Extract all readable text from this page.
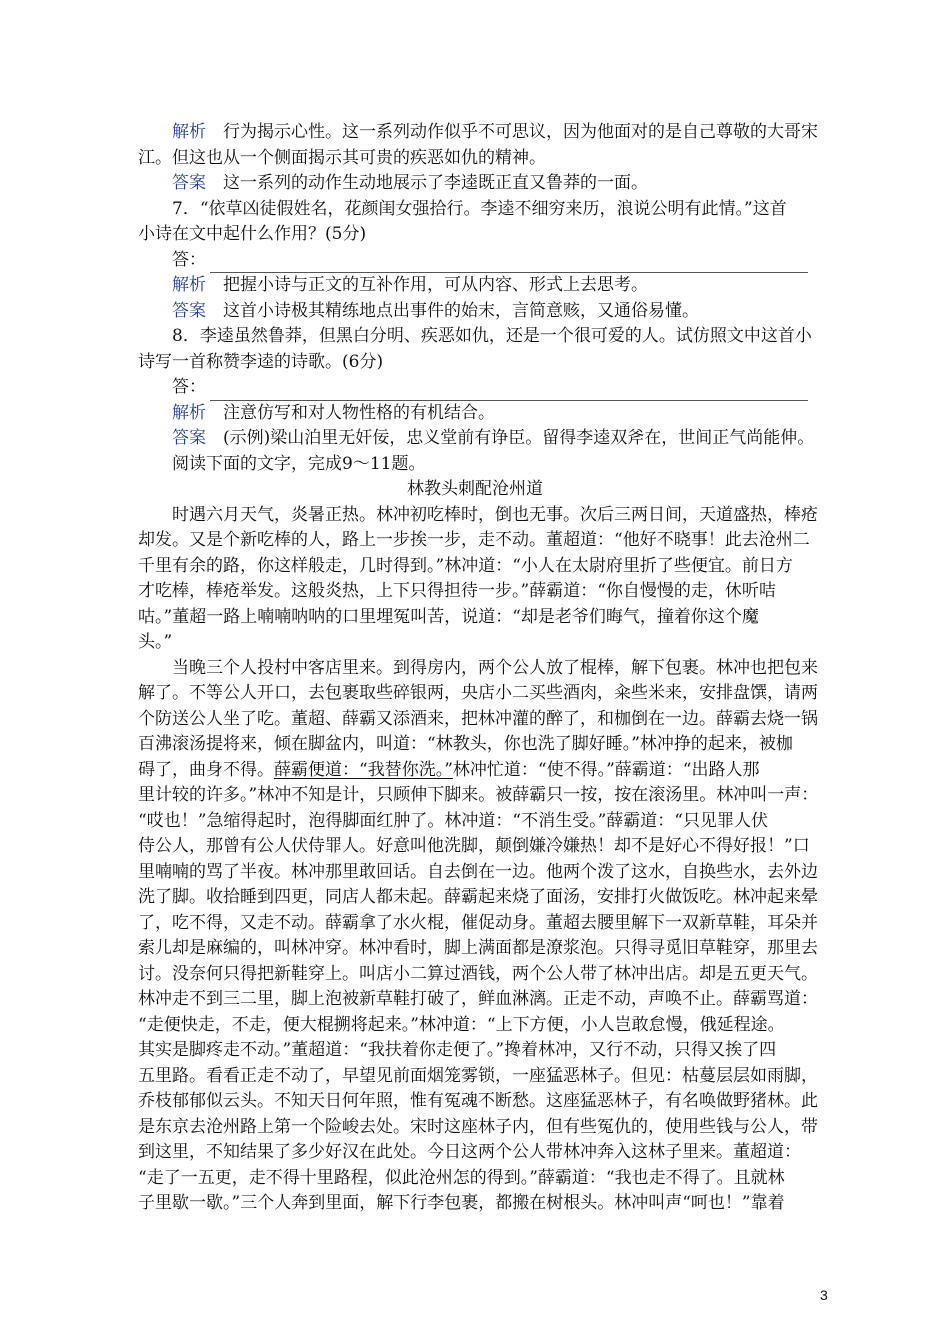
解析　 行为揭示心性。这一系列动作似乎不可思议，因为他面对的是自己尊敬的大哥宋
江。但这也从一个侧面揭示其可贵的疾恶如仇的精神。
答案　 这一系列的动作生动地展示了李逵既正直又鲁莽的一面。
7．“依草凶徒假姓名，花颜闺女强拾行。李逵不细穷来历，浪说公明有此情。”这首
小诗在文中起什么作用？(5分)
答：
解析　 把握小诗与正文的互补作用，可从内容、形式上去思考。
答案　 这首小诗极其精练地点出事件的始末，言简意赅，又通俗易懂。
8．李逵虽然鲁莽，但黑白分明、疾恶如仇，还是一个很可爱的人。试仿照文中这首小
诗写一首称赞李逵的诗歌。(6分)
答：
解析　 注意仿写和对人物性格的有机结合。
答案　 (示例)梁山泊里无奸佞，忠义堂前有诤臣。留得李逵双斧在，世间正气尚能伸。
阅读下面的文字，完成9～11题。
林教头刺配沧州道
时遇六月天气，炎暑正热。林冲初吃棒时，倒也无事。次后三两日间，天道盛热，棒疮
却发。又是个新吃棒的人，路上一步挨一步，走不动。董超道：“他好不晓事！此去沧州二
千里有余的路，你这样般走，几时得到。”林冲道：“小人在太尉府里折了些便宜。前日方
才吃棒，棒疮举发。这般炎热，上下只得担待一步。”薛霸道：“你自慢慢的走，休听咭
咕。”董超一路上喃喃呐呐的口里埋冤叫苦，说道：“却是老爷们晦气，撞着你这个魔
头。”
当晚三个人投村中客店里来。到得房内，两个公人放了棍棒，解下包裹。林冲也把包来
解了。不等公人开口，去包裹取些碎银两，央店小二买些酒肉，籴些米来，安排盘馔，请两
个防送公人坐了吃。董超、薛霸又添酒来，把林冲灌的醉了，和枷倒在一边。薛霸去烧一锅
百沸滚汤提将来，倾在脚盆内，叫道：“林教头，你也洗了脚好睡。”林冲挣的起来，被枷
碍了，曲身不得。薛霸便道：“我替你洗。”林冲忙道：“使不得。”薛霸道：“出路人那
里计较的许多。”林冲不知是计，只顾伸下脚来。被薛霸只一按，按在滚汤里。林冲叫一声：
“哎也！”急缩得起时，泡得脚面红肿了。林冲道：“不消生受。”薛霸道：“只见罪人伏
侍公人，那曾有公人伏侍罪人。好意叫他洗脚，颠倒嫌冷嫌热！却不是好心不得好报！”口
里喃喃的骂了半夜。林冲那里敢回话。自去倒在一边。他两个泼了这水，自换些水，去外边
洗了脚。收拾睡到四更，同店人都未起。薛霸起来烧了面汤，安排打火做饭吃。林冲起来晕
了，吃不得，又走不动。薛霸拿了水火棍，催促动身。董超去腰里解下一双新草鞋，耳朵并
索儿却是麻编的，叫林冲穿。林冲看时，脚上满面都是潦浆泡。只得寻觅旧草鞋穿，那里去
讨。没奈何只得把新鞋穿上。叫店小二算过酒钱，两个公人带了林冲出店。却是五更天气。
林冲走不到三二里，脚上泡被新草鞋打破了，鲜血淋漓。正走不动，声唤不止。薛霸骂道：
“走便快走，不走，便大棍搠将起来。”林冲道：“上下方便，小人岂敢怠慢，俄延程途。
其实是脚疼走不动。”董超道：“我扶着你走便了。”搀着林冲，又行不动，只得又挨了四
五里路。看看正走不动了，早望见前面烟笼雾锁，一座猛恶林子。但见：枯蔓层层如雨脚，
乔枝郁郁似云头。不知天日何年照，惟有冤魂不断愁。这座猛恶林子，有名唤做野猪林。此
是东京去沧州路上第一个险峻去处。宋时这座林子内，但有些冤仇的，使用些钱与公人，带
到这里，不知结果了多少好汉在此处。今日这两个公人带林冲奔入这林子里来。董超道：
“走了一五更，走不得十里路程，似此沧州怎的得到。”薛霸道：“我也走不得了。且就林
子里歇一歇。”三个人奔到里面，解下行李包裹，都搬在树根头。林冲叫声“呵也！”靠着
3
